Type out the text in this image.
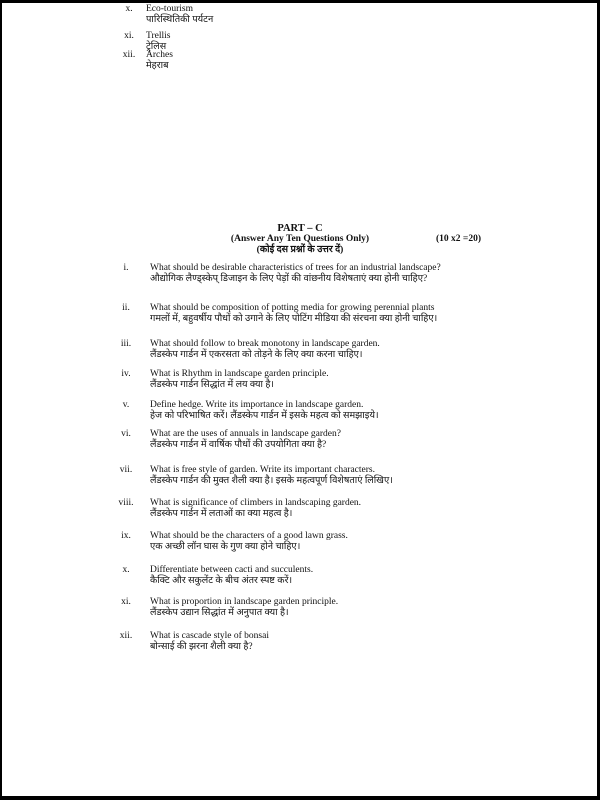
x.	Eco-tourism
पारिस्थितिकी पर्यटन
xi.	Trellis
ट्रेलिस
xii.	Arches
मेहराब
PART – C
(Answer Any Ten Questions Only)
(कोई दस प्रश्नों के उत्तर दें)
(10 x2 =20)
i.	What should be desirable characteristics of trees for an industrial landscape?
औद्योगिक लैण्ड्स्केप् डिजाइन के लिए पेड़ों की वांछनीय विशेषताएं क्या होनी चाहिए?
ii.	What should be composition of potting media for growing perennial plants
गमलों में, बहुवर्षीय पौधों को उगाने के लिए पोटिंग मीडिया की संरचना क्या होनी चाहिए।
iii.	What should follow to break monotony in landscape garden.
लैंडस्केप गार्डन में एकरसता को तोड़ने के लिए क्या करना चाहिए।
iv.	What is Rhythm in landscape garden principle.
लैंडस्केप गार्डन सिद्धांत में लय क्या है।
v.	Define hedge. Write its importance in landscape garden.
हेज को परिभाषित करें। लैंडस्केप गार्डन में इसके महत्व को समझाइये।
vi.	What are the uses of annuals in landscape garden?
लैंडस्केप गार्डन में वार्षिक पौधों की उपयोगिता क्या है?
vii.	What is free style of garden. Write its important characters.
लैंडस्केप गार्डन की मुक्त शैली क्या है। इसके महत्वपूर्ण विशेषताएं लिखिए।
viii.	What is significance of climbers in landscaping garden.
लैंडस्केप गार्डन में लताओं का क्या महत्व है।
ix.	What should be the characters of a good lawn grass.
एक अच्छी लॉन घास के गुण क्या होने चाहिए।
x.	Differentiate between cacti and succulents.
कैक्टि और सकुलेंट के बीच अंतर स्पष्ट करें।
xi.	What is proportion in landscape garden principle.
लैंडस्केप उद्यान सिद्धांत में अनुपात क्या है।
xii.	What is cascade style of bonsai
बोन्साई की झरना शैली क्या है?
